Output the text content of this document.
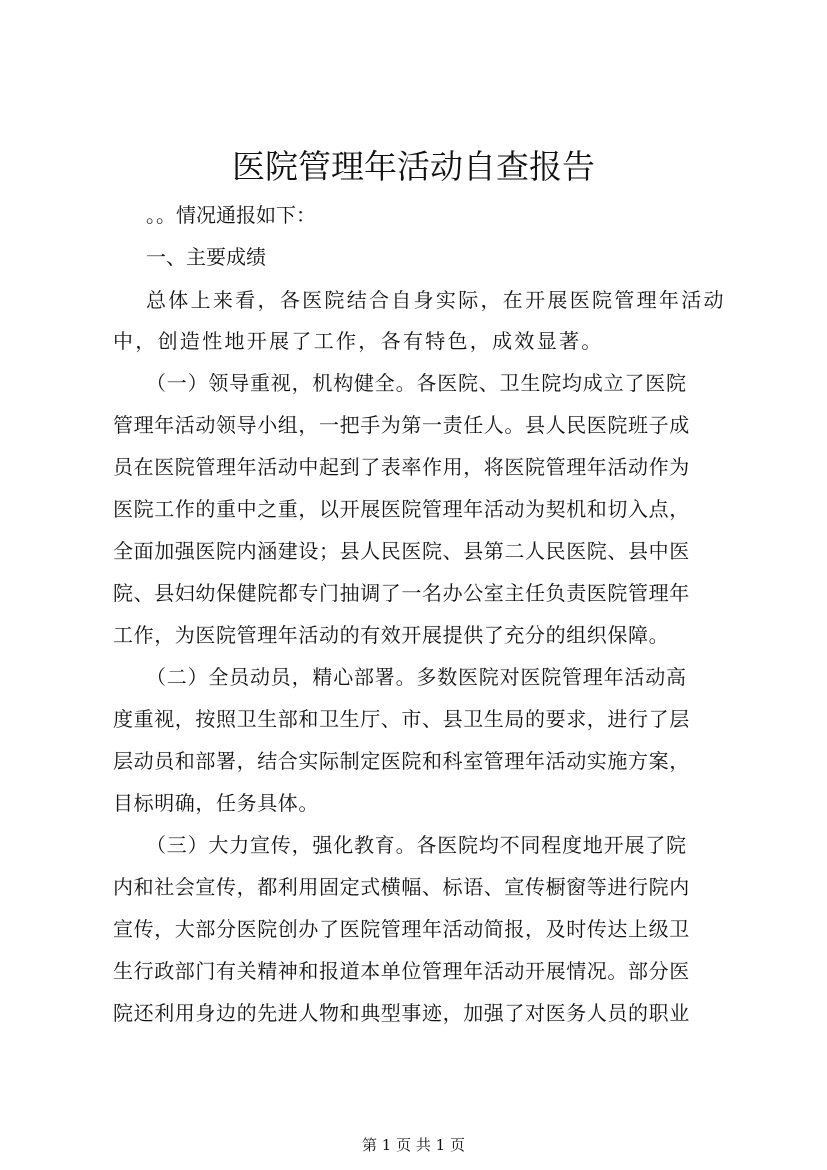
医院管理年活动自查报告

。。情况通报如下：

一、主要成绩

总体上来看，各医院结合自身实际，在开展医院管理年活动

中，创造性地开展了工作，各有特色，成效显著。

（一）领导重视，机构健全。各医院、卫生院均成立了医院

管理年活动领导小组，一把手为第一责任人。县人民医院班子成

员在医院管理年活动中起到了表率作用，将医院管理年活动作为

医院工作的重中之重，以开展医院管理年活动为契机和切入点，

全面加强医院内涵建设；县人民医院、县第二人民医院、县中医

院、县妇幼保健院都专门抽调了一名办公室主任负责医院管理年

工作，为医院管理年活动的有效开展提供了充分的组织保障。

（二）全员动员，精心部署。多数医院对医院管理年活动高

度重视，按照卫生部和卫生厅、市、县卫生局的要求，进行了层

层动员和部署，结合实际制定医院和科室管理年活动实施方案，

目标明确，任务具体。

（三）大力宣传，强化教育。各医院均不同程度地开展了院

内和社会宣传，都利用固定式横幅、标语、宣传橱窗等进行院内

宣传，大部分医院创办了医院管理年活动简报，及时传达上级卫

生行政部门有关精神和报道本单位管理年活动开展情况。部分医

院还利用身边的先进人物和典型事迹，加强了对医务人员的职业

第 1 页 共 1 页
